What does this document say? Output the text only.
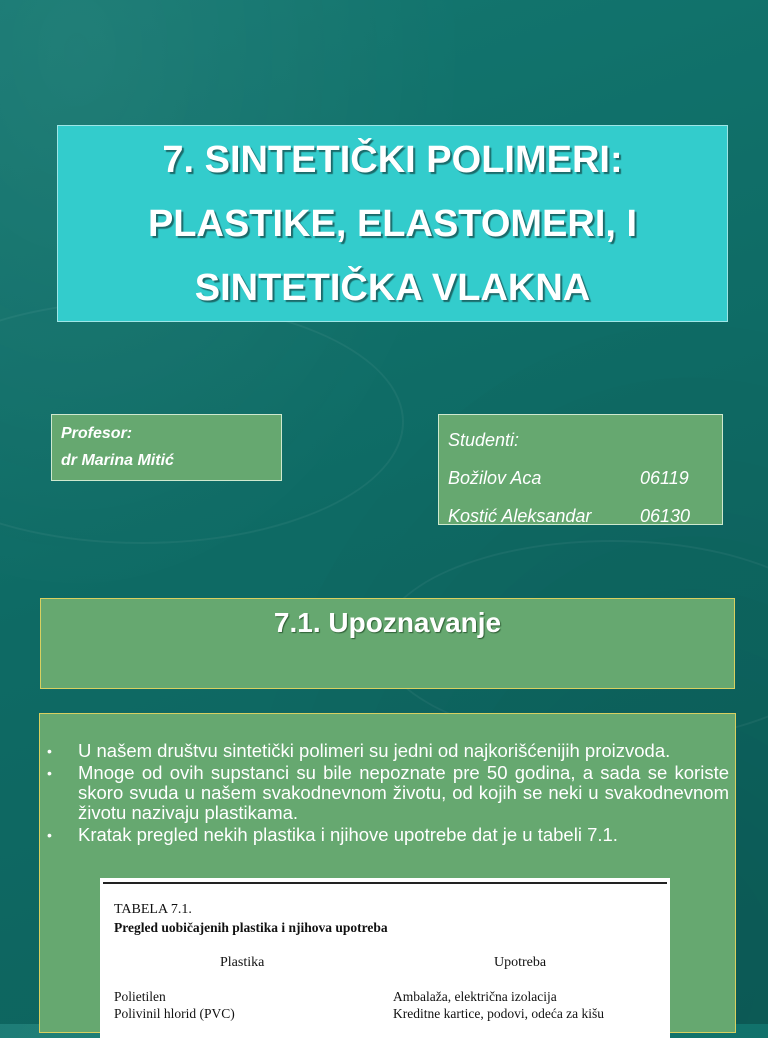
7. SINTETIČKI POLIMERI:
PLASTIKE, ELASTOMERI, I
SINTETIČKA VLAKNA
Profesor:
dr Marina Mitić
Studenti:
Božilov Aca	06119
Kostić Aleksandar	06130
7.1. Upoznavanje
• U našem društvu sintetički polimeri su jedni od najkorišćenijih proizvoda.
• Mnoge od ovih supstanci su bile nepoznate pre 50 godina, a sada se koriste skoro svuda u našem svakodnevnom životu, od kojih se neki u svakodnevnom životu nazivaju plastikama.
• Kratak pregled nekih plastika i njihove upotrebe dat je u tabeli 7.1.
TABELA 7.1.
Pregled uobičajenih plastika i njihova upotreba
Plastika	Upotreba
Polietilen	Ambalaža, električna izolacija
Polivinil hlorid (PVC)	Kreditne kartice, podovi, odeća za kišu
